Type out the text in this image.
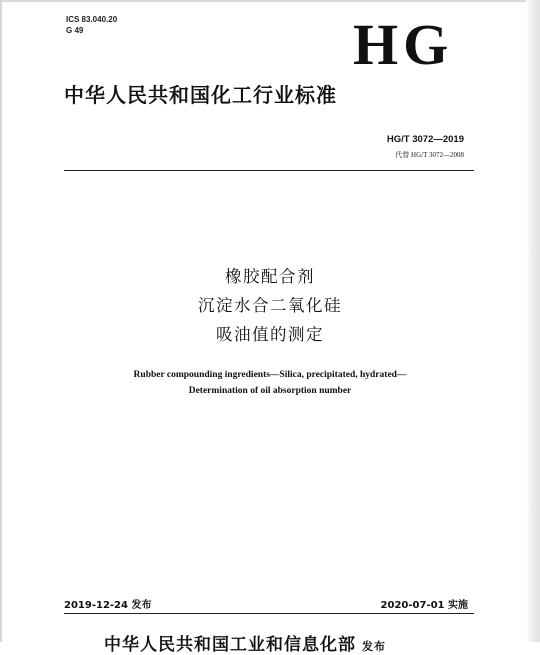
ICS 83.040.20
G 49	HG
中华人民共和国化工行业标准
HG/T 3072—2019
代替 HG/T 3072—2008
橡胶配合剂
沉淀水合二氧化硅
吸油值的测定
Rubber compounding ingredients—Silica, precipitated, hydrated—
Determination of oil absorption number
2019-12-24 发布	2020-07-01 实施
中华人民共和国工业和信息化部 发布
